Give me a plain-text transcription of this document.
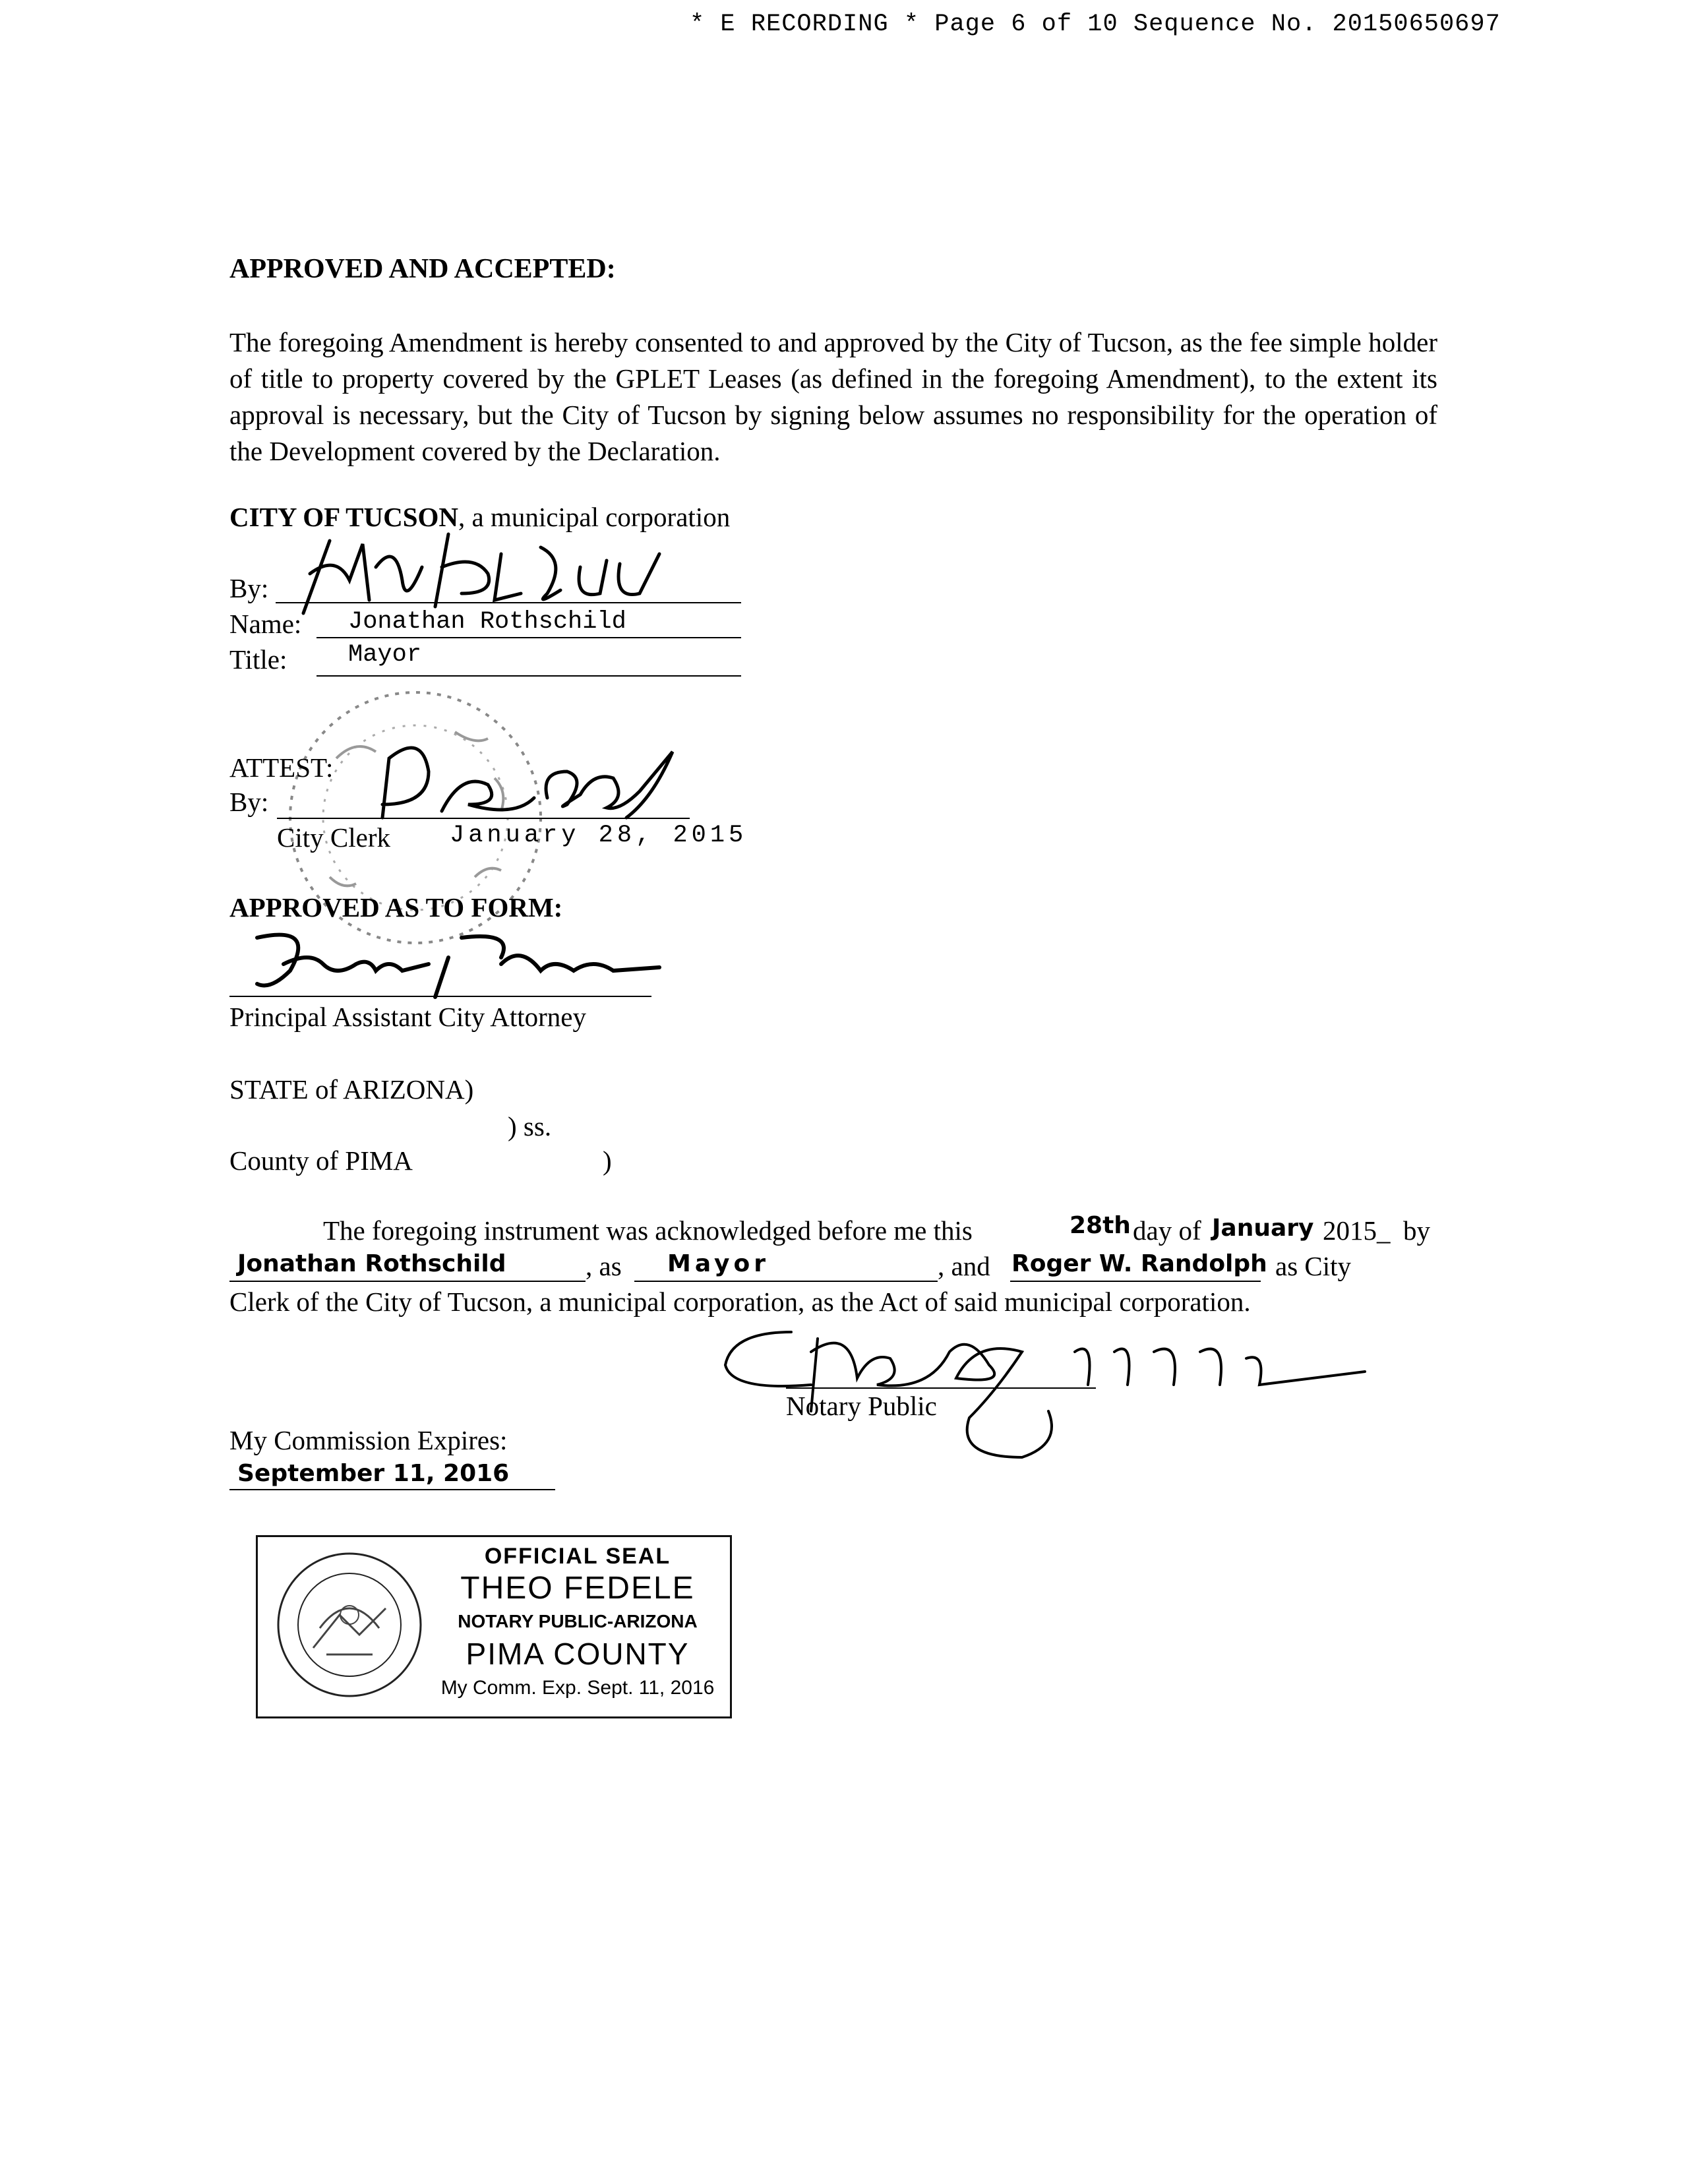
* E RECORDING * Page 6 of 10 Sequence No. 20150650697
APPROVED AND ACCEPTED:
The foregoing Amendment is hereby consented to and approved by the City of Tucson, as the fee simple holder of title to property covered by the GPLET Leases (as defined in the foregoing Amendment), to the extent its approval is necessary, but the City of Tucson by signing below assumes no responsibility for the operation of the Development covered by the Declaration.
CITY OF TUCSON, a municipal corporation
By:
Name: Jonathan Rothschild
Title:	Mayor
ATTEST:
By:
City Clerk January 28, 2015
APPROVED AS TO FORM:
Principal Assistant City Attorney
STATE of ARIZONA)
) ss.
County of PIMA	)
The foregoing instrument was acknowledged before me this	28th day of January 2015_ by
Jonathan Rothschild	, as Mayor	, and Roger W. Randolph as City
Clerk of the City of Tucson, a municipal corporation, as the Act of said municipal corporation.
Notary Public
My Commission Expires:
September 11, 2016
OFFICIAL SEAL
THEO FEDELE
NOTARY PUBLIC-ARIZONA
PIMA COUNTY
My Comm. Exp. Sept. 11, 2016
